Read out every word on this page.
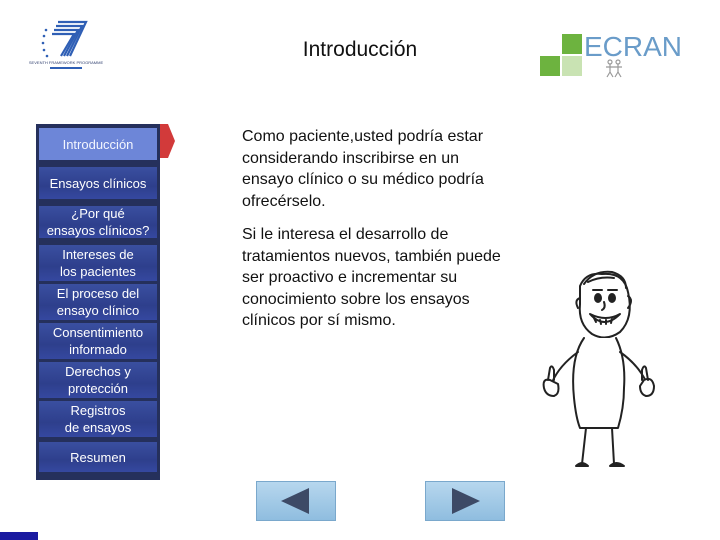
SEVENTH FRAMEWORK PROGRAMME
Introducción	ECRAN
Introducción
Ensayos clínicos
¿Por qué
ensayos clínicos?
Intereses de
los pacientes
El proceso del
ensayo clínico
Consentimiento
informado
Derechos y
protección
Registros
de ensayos
Resumen

Como paciente,usted podría estar considerando inscribirse en un ensayo clínico o su médico podría ofrecérselo.

Si le interesa el desarrollo de tratamientos nuevos, también puede ser proactivo e incrementar su conocimiento sobre los ensayos clínicos por sí mismo.
